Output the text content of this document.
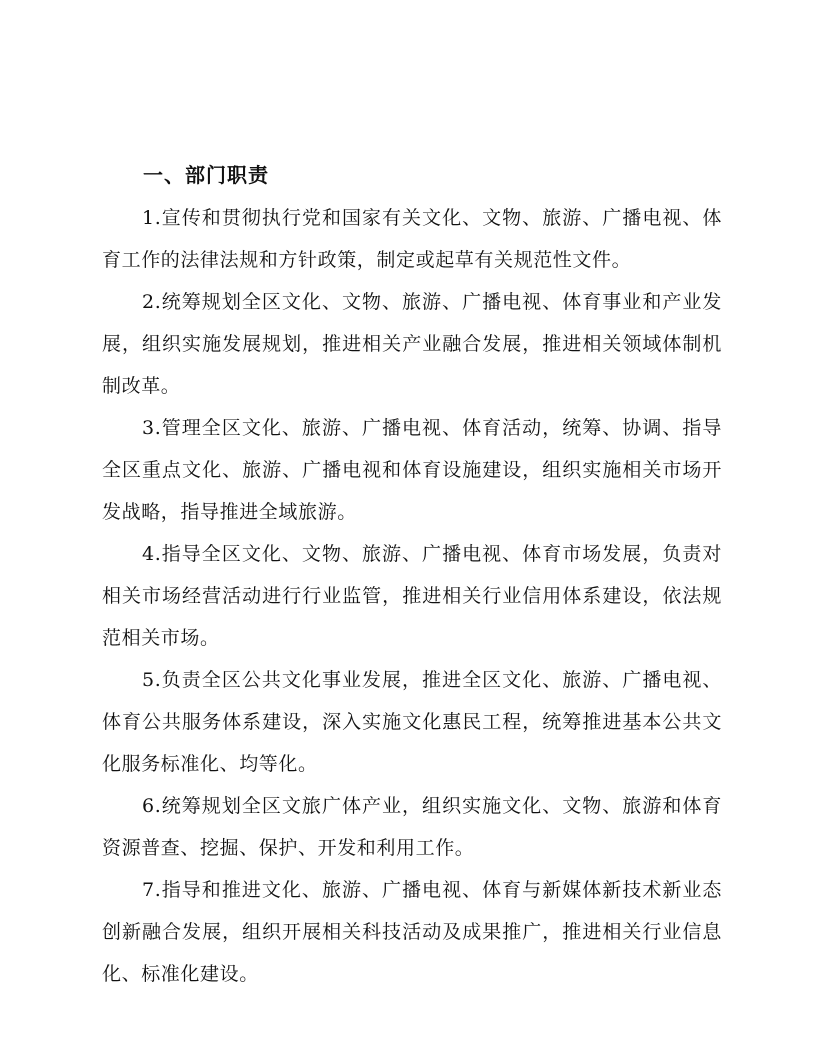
一、部门职责

1.宣传和贯彻执行党和国家有关文化、文物、旅游、广播电视、体育工作的法律法规和方针政策，制定或起草有关规范性文件。

2.统筹规划全区文化、文物、旅游、广播电视、体育事业和产业发展，组织实施发展规划，推进相关产业融合发展，推进相关领域体制机制改革。

3.管理全区文化、旅游、广播电视、体育活动，统筹、协调、指导全区重点文化、旅游、广播电视和体育设施建设，组织实施相关市场开发战略，指导推进全域旅游。

4.指导全区文化、文物、旅游、广播电视、体育市场发展，负责对相关市场经营活动进行行业监管，推进相关行业信用体系建设，依法规范相关市场。

5.负责全区公共文化事业发展，推进全区文化、旅游、广播电视、体育公共服务体系建设，深入实施文化惠民工程，统筹推进基本公共文化服务标准化、均等化。

6.统筹规划全区文旅广体产业，组织实施文化、文物、旅游和体育资源普查、挖掘、保护、开发和利用工作。

7.指导和推进文化、旅游、广播电视、体育与新媒体新技术新业态创新融合发展，组织开展相关科技活动及成果推广，推进相关行业信息化、标准化建设。
